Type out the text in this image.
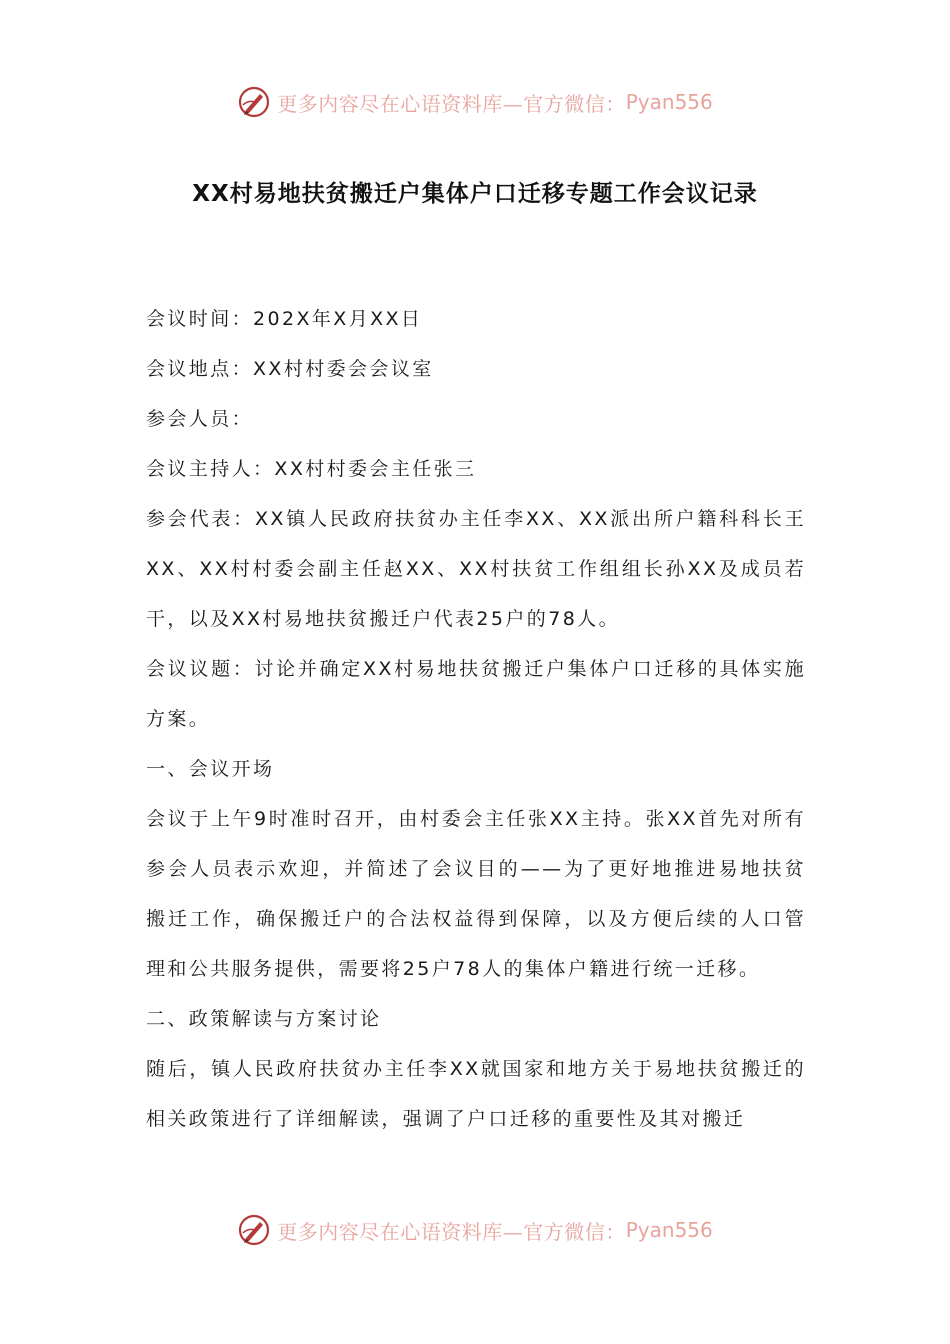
更多内容尽在心语资料库—官方微信： Pyan556
XX村易地扶贫搬迁户集体户口迁移专题工作会议记录

会议时间：202X年X月XX日

会议地点：XX村村委会会议室

参会人员：

会议主持人：XX村村委会主任张三

参会代表：XX镇人民政府扶贫办主任李XX、XX派出所户籍科科长王XX、XX村村委会副主任赵XX、XX村扶贫工作组组长孙XX及成员若干，以及XX村易地扶贫搬迁户代表25户的78人。

会议议题：讨论并确定XX村易地扶贫搬迁户集体户口迁移的具体实施方案。

一、会议开场

会议于上午9时准时召开，由村委会主任张XX主持。张XX首先对所有参会人员表示欢迎，并简述了会议目的——为了更好地推进易地扶贫搬迁工作，确保搬迁户的合法权益得到保障，以及方便后续的人口管理和公共服务提供，需要将25户78人的集体户籍进行统一迁移。

二、政策解读与方案讨论

随后，镇人民政府扶贫办主任李XX就国家和地方关于易地扶贫搬迁的相关政策进行了详细解读，强调了户口迁移的重要性及其对搬迁

更多内容尽在心语资料库—官方微信： Pyan556
